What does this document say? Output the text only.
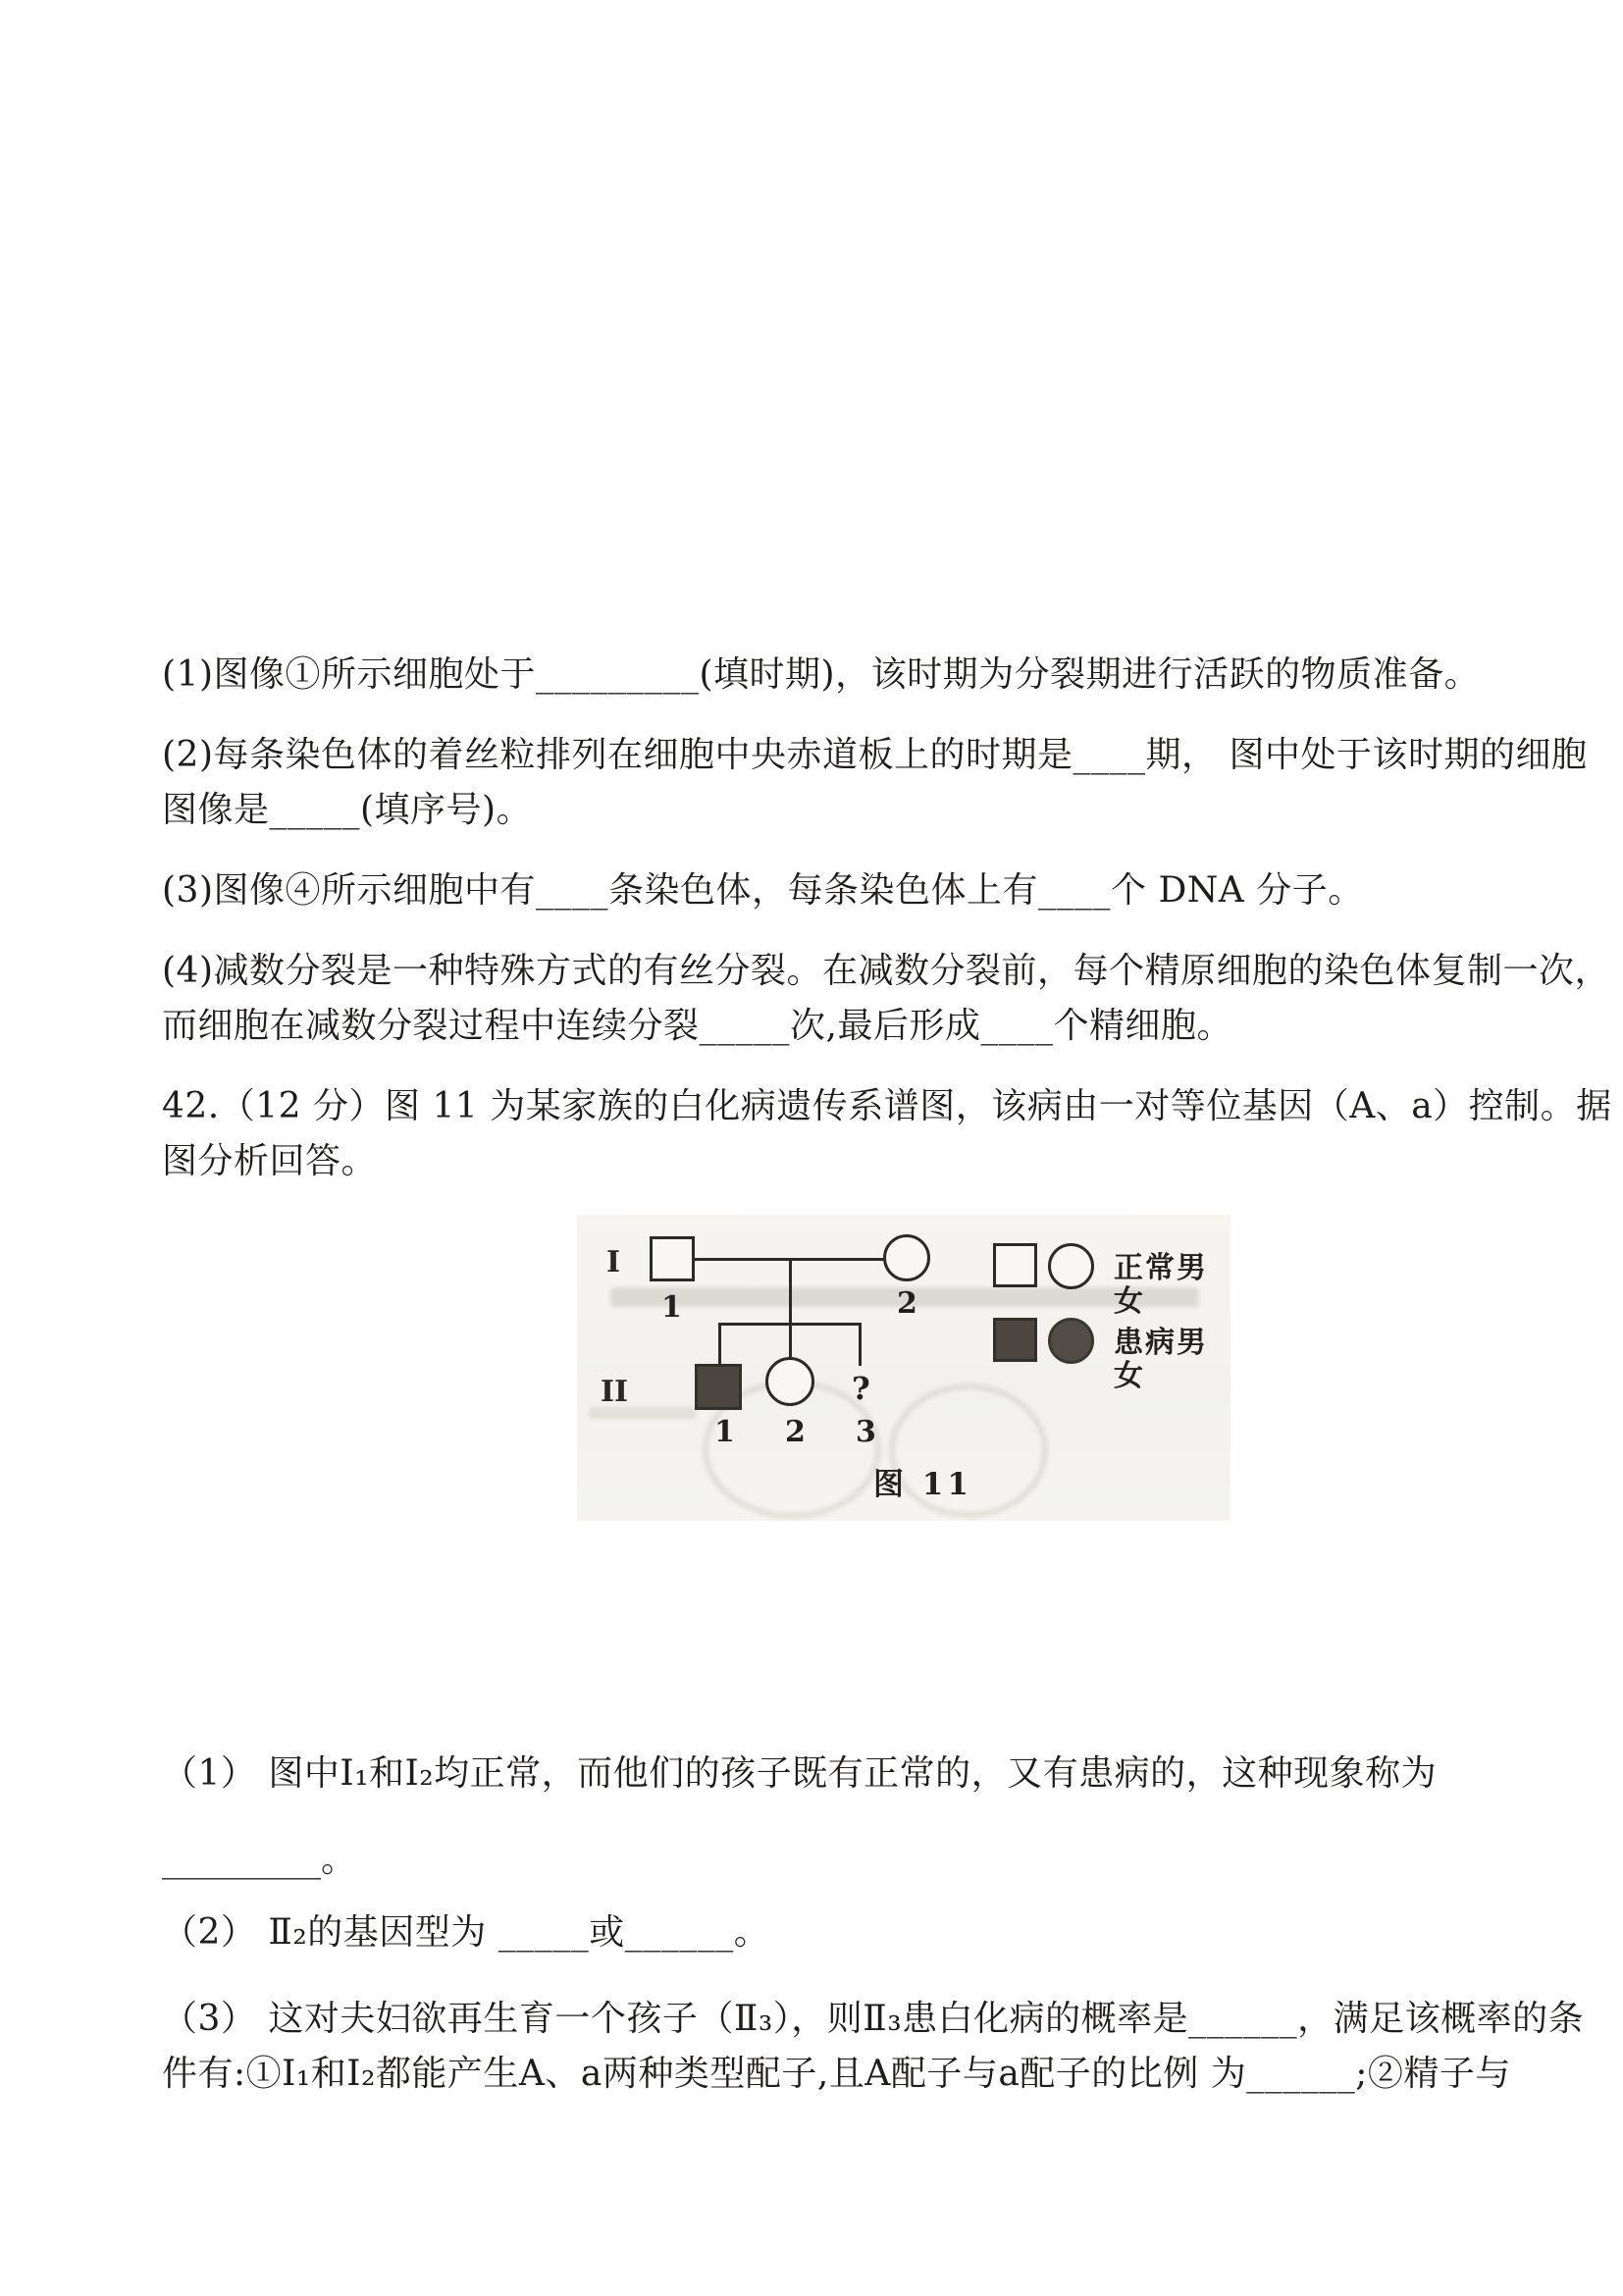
(1)图像①所示细胞处于_________(填时期)，该时期为分裂期进行活跃的物质准备。
(2)每条染色体的着丝粒排列在细胞中央赤道板上的时期是____期， 图中处于该时期的细胞
图像是_____(填序号)。
(3)图像④所示细胞中有____条染色体，每条染色体上有____个 DNA 分子。
(4)减数分裂是一种特殊方式的有丝分裂。在减数分裂前，每个精原细胞的染色体复制一次，
而细胞在减数分裂过程中连续分裂_____次,最后形成____个精细胞。
42.（12 分）图 11 为某家族的白化病遗传系谱图，该病由一对等位基因（A、a）控制。据
图分析回答。
I
II
1	2
?
1 2 3
正常男女
患病男女
图 11
（1） 图中Ⅰ₁和Ⅰ₂均正常，而他们的孩子既有正常的，又有患病的，这种现象称为
_________。
（2） Ⅱ₂的基因型为 _____或______。
（3） 这对夫妇欲再生育一个孩子（Ⅱ₃），则Ⅱ₃患白化病的概率是______，满足该概率的条
件有:①Ⅰ₁和Ⅰ₂都能产生A、a两种类型配子,且A配子与a配子的比例 为______;②精子与
